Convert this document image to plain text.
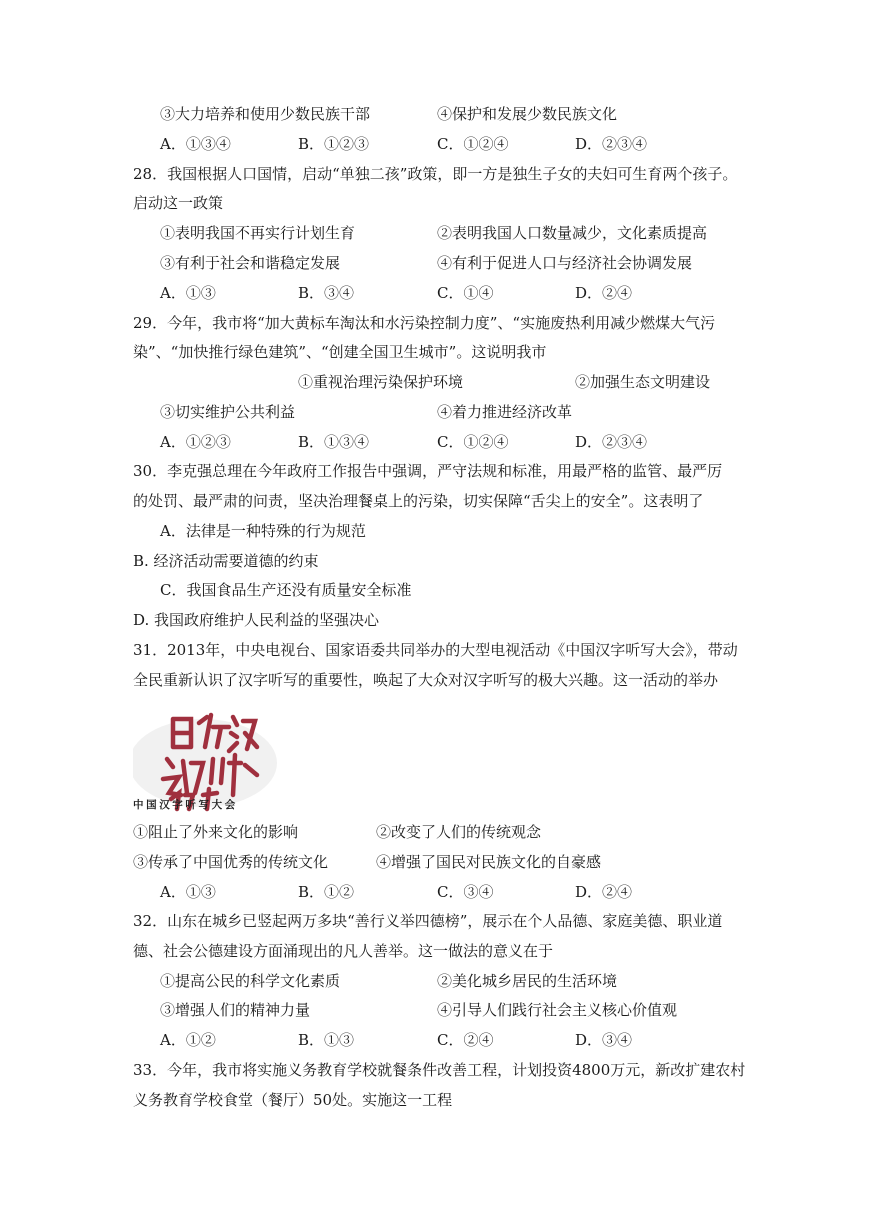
③大力培养和使用少数民族干部	④保护和发展少数民族文化
A．①③④	B．①②③	C．①②④	D．②③④
28．我国根据人口国情，启动“单独二孩”政策，即一方是独生子女的夫妇可生育两个孩子。
启动这一政策
①表明我国不再实行计划生育	②表明我国人口数量减少，文化素质提高
③有利于社会和谐稳定发展	④有利于促进人口与经济社会协调发展
A．①③	B．③④	C．①④	D．②④
29．今年，我市将“加大黄标车淘汰和水污染控制力度”、“实施废热利用减少燃煤大气污
染”、“加快推行绿色建筑”、“创建全国卫生城市”。这说明我市
①重视治理污染保护环境	②加强生态文明建设
③切实维护公共利益	④着力推进经济改革
A．①②③	B．①③④	C．①②④	D．②③④
30．李克强总理在今年政府工作报告中强调，严守法规和标准，用最严格的监管、最严厉
的处罚、最严肃的问责，坚决治理餐桌上的污染，切实保障“舌尖上的安全”。这表明了
A．法律是一种特殊的行为规范
B. 经济活动需要道德的约束
C．我国食品生产还没有质量安全标准
D. 我国政府维护人民利益的坚强决心
31．2013年，中央电视台、国家语委共同举办的大型电视活动《中国汉字听写大会》，带动
全民重新认识了汉字听写的重要性，唤起了大众对汉字听写的极大兴趣。这一活动的举办
中国汉字听写大会
①阻止了外来文化的影响	②改变了人们的传统观念
③传承了中国优秀的传统文化	④增强了国民对民族文化的自豪感
A．①③	B．①②	C．③④	D．②④
32．山东在城乡已竖起两万多块“善行义举四德榜”，展示在个人品德、家庭美德、职业道
德、社会公德建设方面涌现出的凡人善举。这一做法的意义在于
①提高公民的科学文化素质	②美化城乡居民的生活环境
③增强人们的精神力量	④引导人们践行社会主义核心价值观
A．①②	B．①③	C．②④	D．③④
33．今年，我市将实施义务教育学校就餐条件改善工程，计划投资4800万元，新改扩建农村
义务教育学校食堂（餐厅）50处。实施这一工程
